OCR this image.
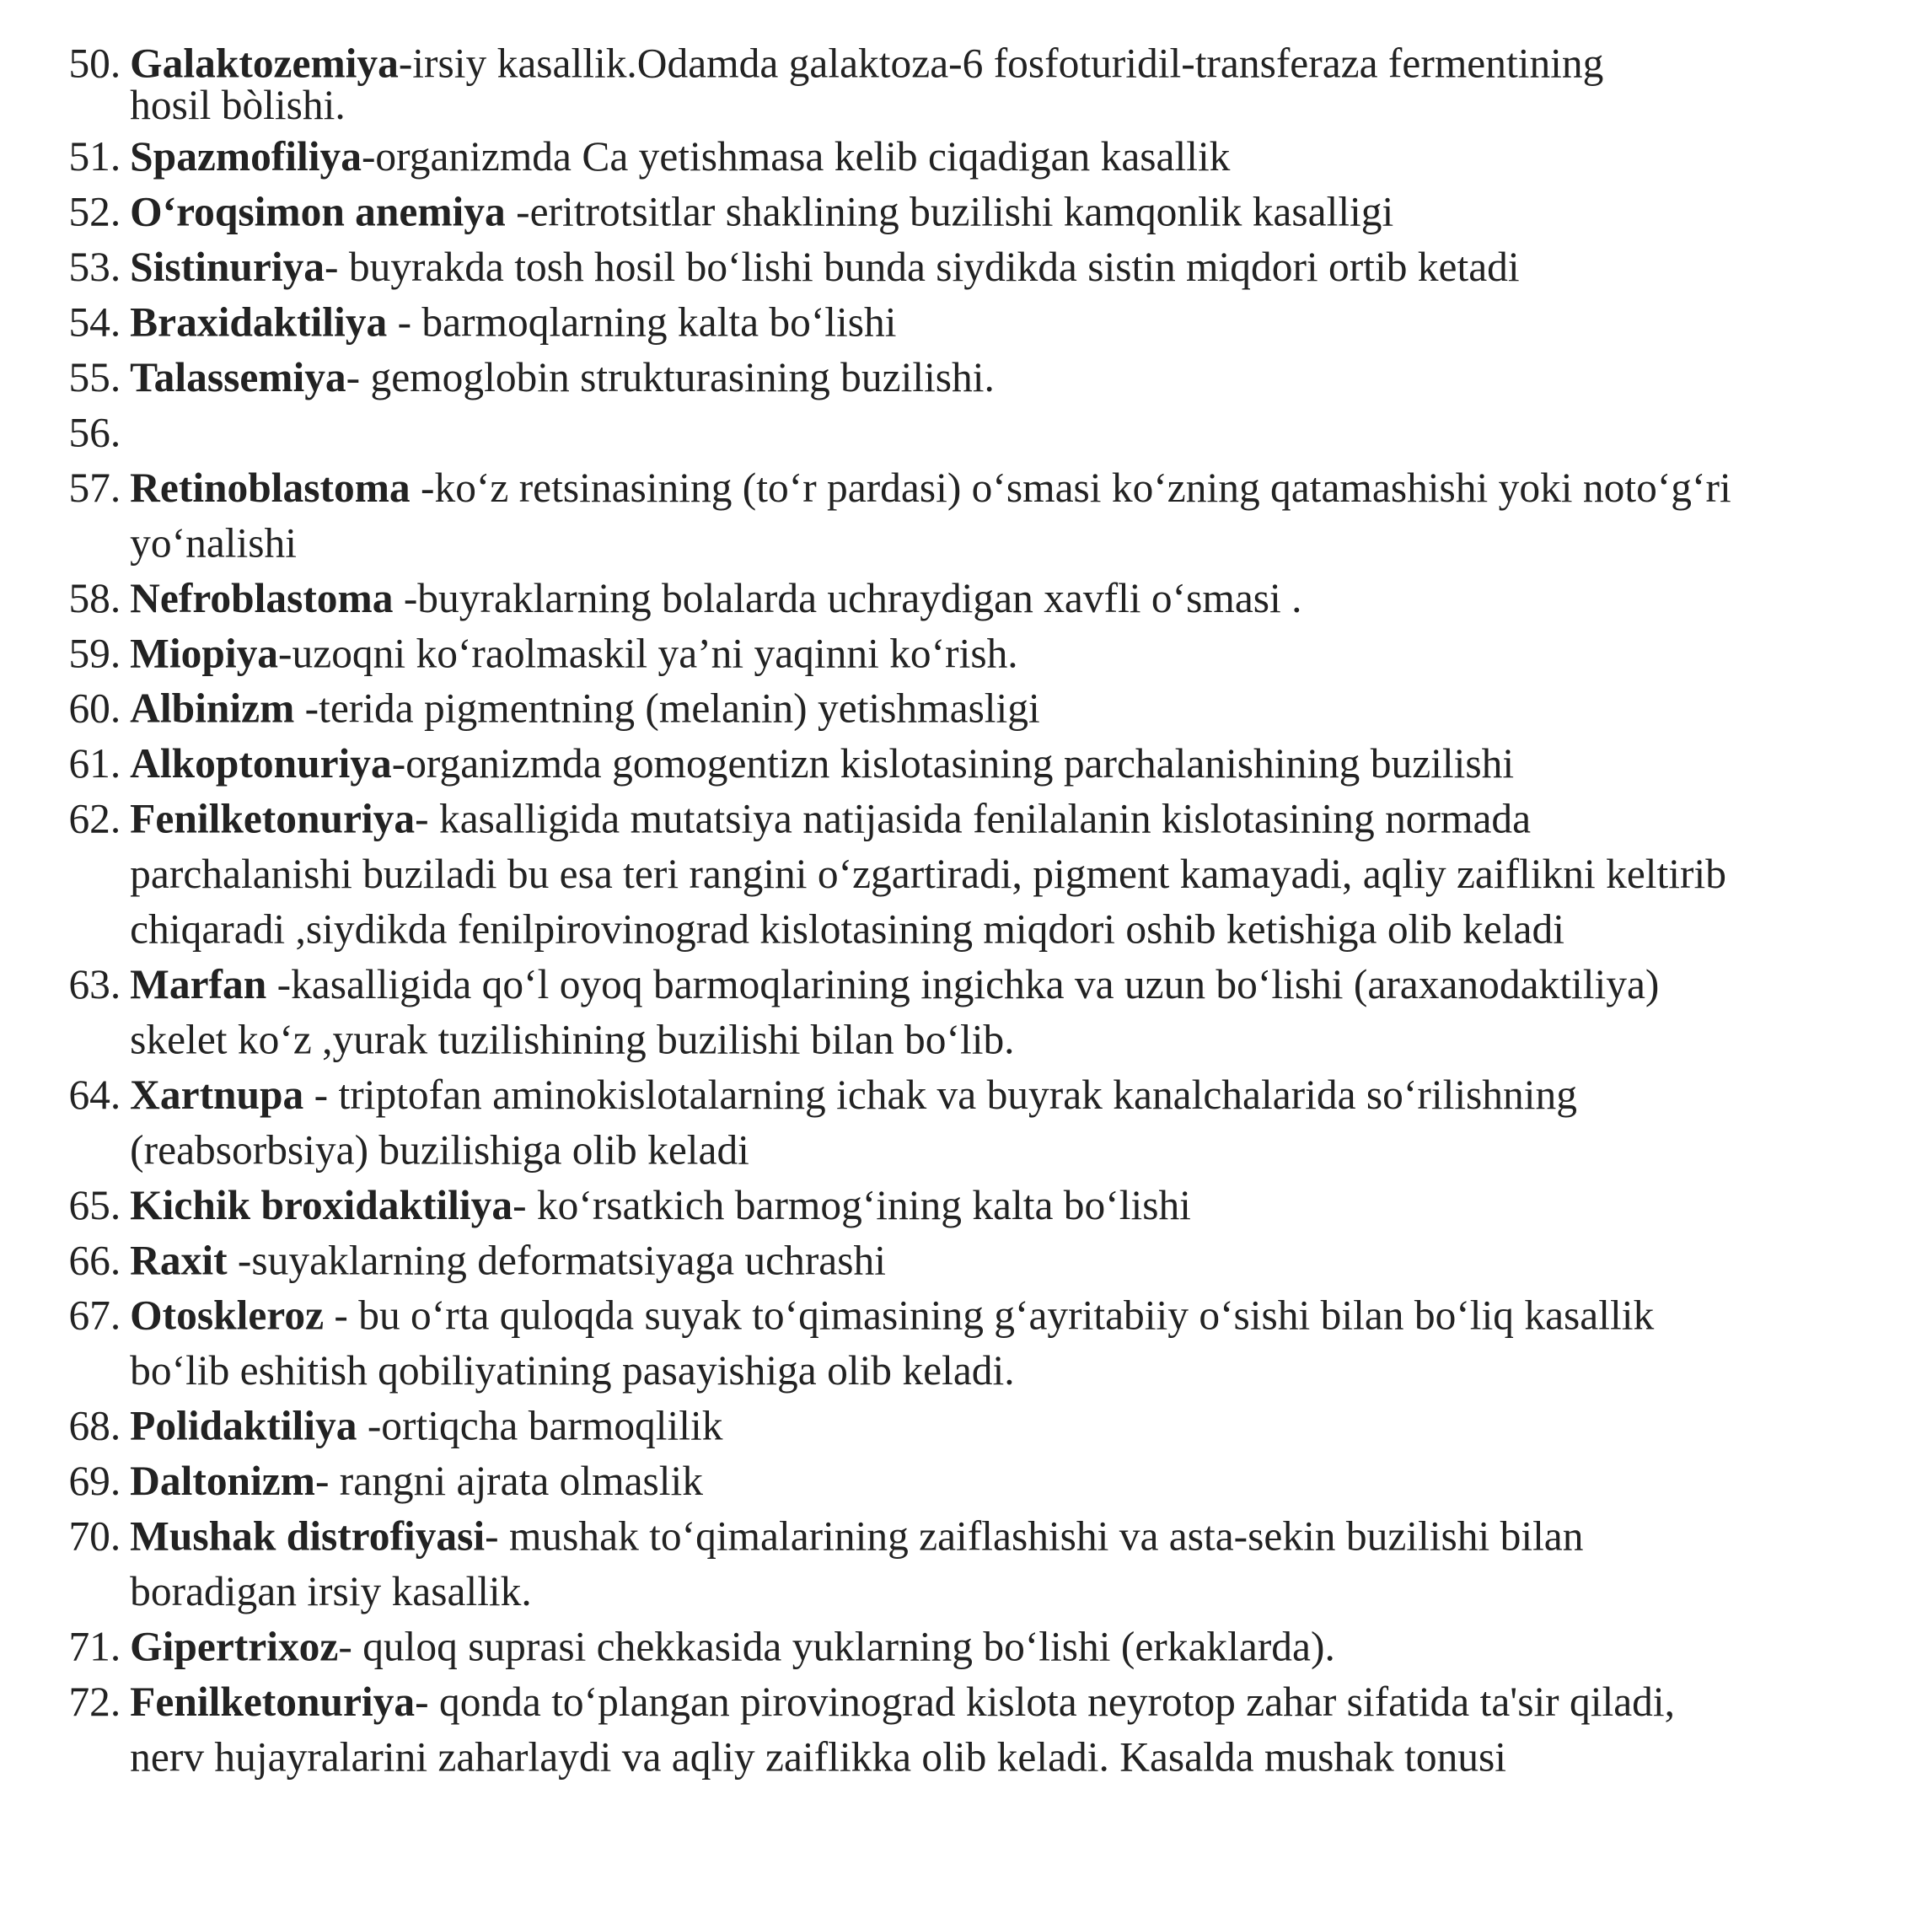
50. Galaktozemiya-irsiy kasallik.Odamda galaktoza-6 fosfoturidil-transferaza fermentining
hosil bòlishi.
51. Spazmofiliya-organizmda Ca yetishmasa kelib ciqadigan kasallik
52. O‘roqsimon anemiya -eritrotsitlar shaklining buzilishi kamqonlik kasalligi
53. Sistinuriya- buyrakda tosh hosil bo‘lishi bunda siydikda sistin miqdori ortib ketadi
54. Braxidaktiliya - barmoqlarning kalta bo‘lishi
55. Talassemiya- gemoglobin strukturasining buzilishi.
56.

57. Retinoblastoma -ko‘z retsinasining (to‘r pardasi) o‘smasi ko‘zning qatamashishi yoki noto‘g‘ri
yo‘nalishi
58. Nefroblastoma -buyraklarning bolalarda uchraydigan xavfli o‘smasi .
59. Miopiya-uzoqni ko‘raolmaskil ya’ni yaqinni ko‘rish.
60. Albinizm -terida pigmentning (melanin) yetishmasligi
61. Alkoptonuriya-organizmda gomogentizn kislotasining parchalanishining buzilishi
62. Fenilketonuriya- kasalligida mutatsiya natijasida fenilalanin kislotasining normada
parchalanishi buziladi bu esa teri rangini o‘zgartiradi, pigment kamayadi, aqliy zaiflikni keltirib
chiqaradi ,siydikda fenilpirovinograd kislotasining miqdori oshib ketishiga olib keladi
63. Marfan -kasalligida qo‘l oyoq barmoqlarining ingichka va uzun bo‘lishi (araxanodaktiliya)
skelet ko‘z ,yurak tuzilishining buzilishi bilan bo‘lib.
64. Xartnupa - triptofan aminokislotalarning ichak va buyrak kanalchalarida so‘rilishning
(reabsorbsiya) buzilishiga olib keladi
65. Kichik broxidaktiliya- ko‘rsatkich barmog‘ining kalta bo‘lishi
66. Raxit -suyaklarning deformatsiyaga uchrashi
67. Otoskleroz - bu o‘rta quloqda suyak to‘qimasining g‘ayritabiiy o‘sishi bilan bo‘liq kasallik
bo‘lib eshitish qobiliyatining pasayishiga olib keladi.
68. Polidaktiliya -ortiqcha barmoqlilik
69. Daltonizm- rangni ajrata olmaslik
70. Mushak distrofiyasi- mushak to‘qimalarining zaiflashishi va asta-sekin buzilishi bilan
boradigan irsiy kasallik.
71. Gipertrixoz- quloq suprasi chekkasida yuklarning bo‘lishi (erkaklarda).
72. Fenilketonuriya- qonda to‘plangan pirovinograd kislota neyrotop zahar sifatida ta'sir qiladi,
nerv hujayralarini zaharlaydi va aqliy zaiflikka olib keladi. Kasalda mushak tonusi
